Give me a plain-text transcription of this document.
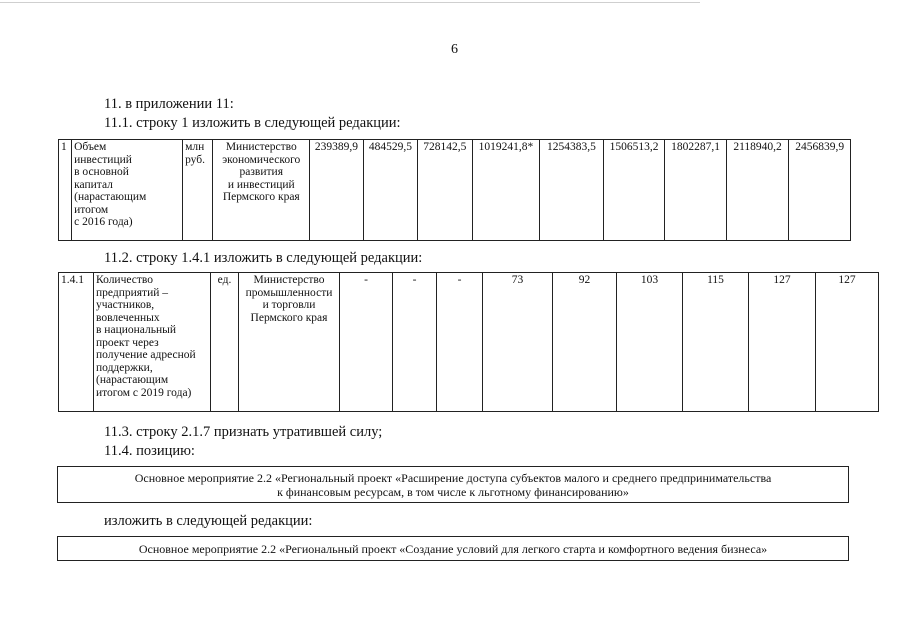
6
11. в приложении 11:
11.1. строку 1 изложить в следующей редакции:
1	Объем
инвестиций
в основной
капитал
(нарастающим
итогом
с 2016 года)	млн
руб.	Министерство
экономического
развития
и инвестиций
Пермского края	239389,9	484529,5	728142,5	1019241,8*	1254383,5	1506513,2	1802287,1	2118940,2	2456839,9
11.2. строку 1.4.1 изложить в следующей редакции:
1.4.1	Количество
предприятий –
участников,
вовлеченных
в национальный
проект через
получение адресной
поддержки,
(нарастающим
итогом с 2019 года)	ед.	Министерство
промышленности
и торговли
Пермского края	-	-	-	73	92	103	115	127	127
11.3. строку 2.1.7 признать утратившей силу;
11.4. позицию:
Основное мероприятие 2.2 «Региональный проект «Расширение доступа субъектов малого и среднего предпринимательства
к финансовым ресурсам, в том числе к льготному финансированию»
изложить в следующей редакции:
Основное мероприятие 2.2 «Региональный проект «Создание условий для легкого старта и комфортного ведения бизнеса»
